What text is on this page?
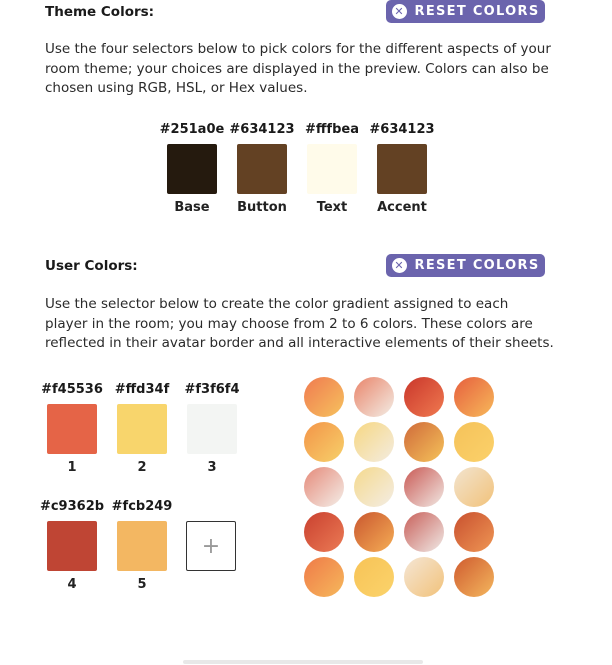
Theme Colors:	✕ RESET COLORS
Use the four selectors below to pick colors for the different aspects of your room theme; your choices are displayed in the preview. Colors can also be chosen using RGB, HSL, or Hex values.
#251a0e
Base
#634123
Button
#fffbea
Text
#634123
Accent
User Colors:	✕ RESET COLORS
Use the selector below to create the color gradient assigned to each player in the room; you may choose from 2 to 6 colors. These colors are reflected in their avatar border and all interactive elements of their sheets.
#f45536
1
#ffd34f
2
#f3f6f4
3
#c9362b
4
#fcb249
5
+
